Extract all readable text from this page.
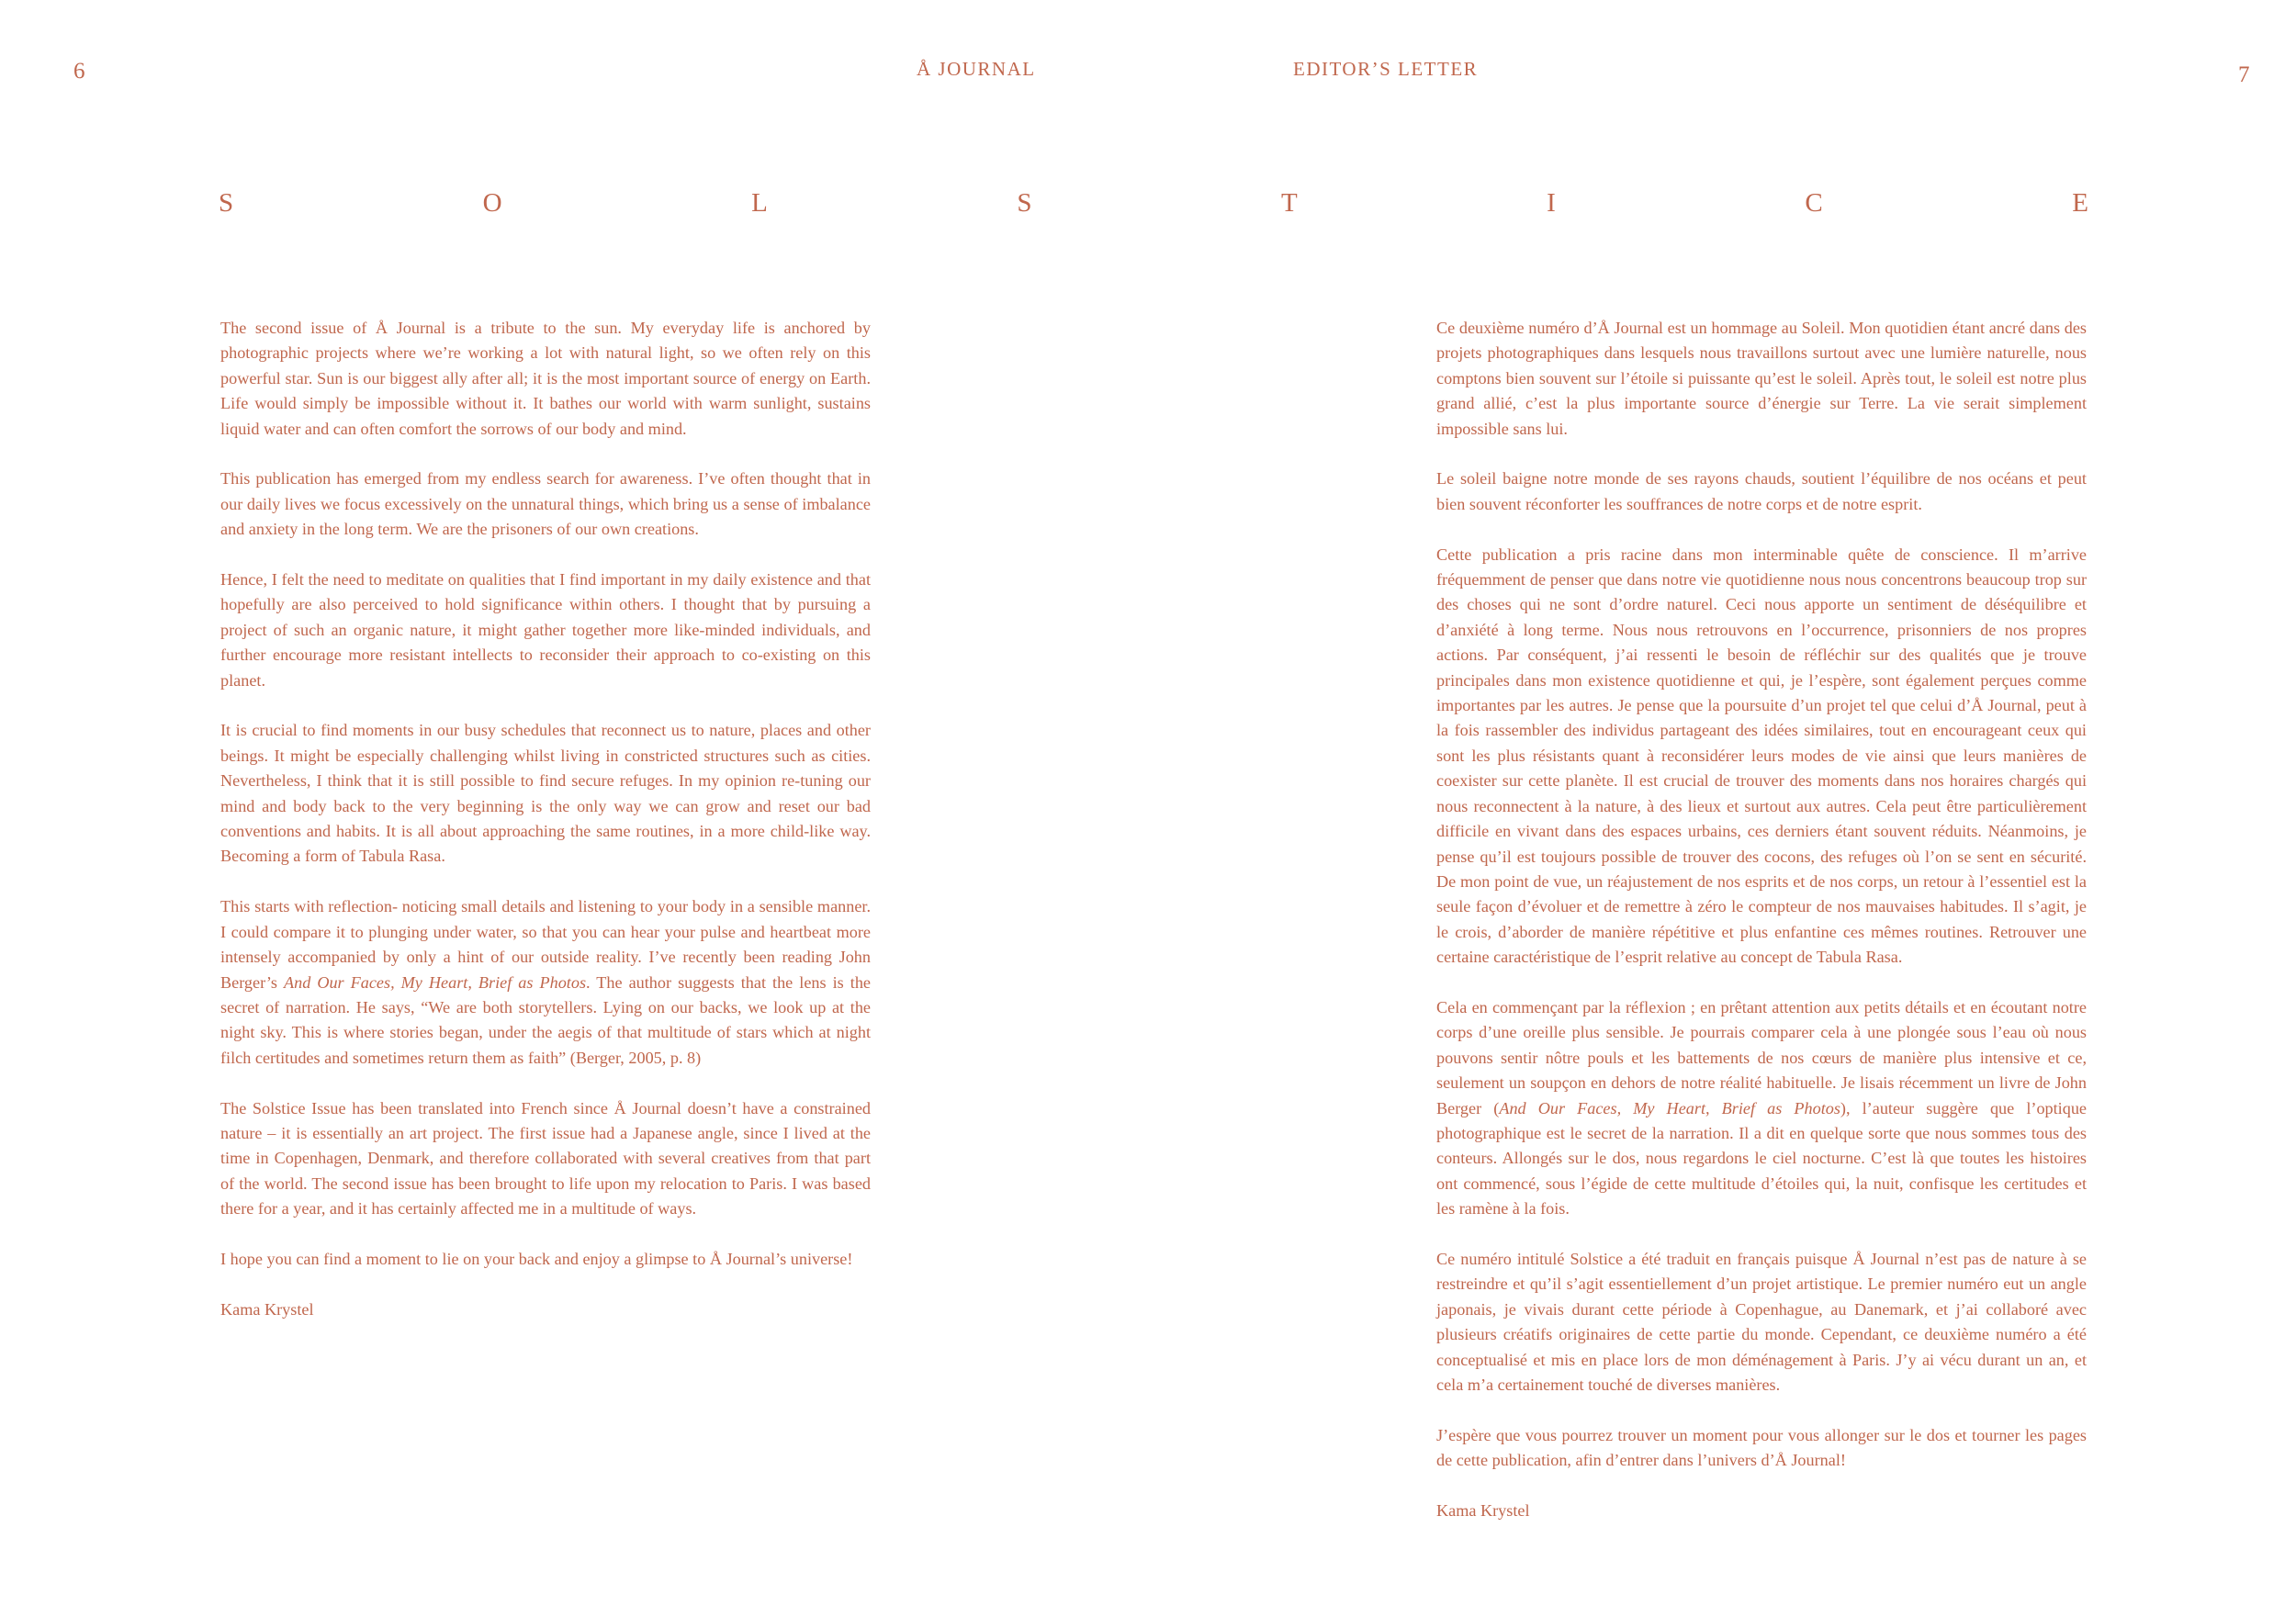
6	Å JOURNAL	EDITOR’S LETTER	7
S	O	L	S	T	I	C	E

The second issue of Å Journal is a tribute to the sun. My everyday life is anchored by photographic projects where we’re working a lot with natural light, so we often rely on this powerful star. Sun is our biggest ally after all; it is the most important source of energy on Earth. Life would simply be impossible without it. It bathes our world with warm sunlight, sustains liquid water and can often comfort the sorrows of our body and mind.

This publication has emerged from my endless search for awareness. I’ve often thought that in our daily lives we focus excessively on the unnatural things, which bring us a sense of imbalance and anxiety in the long term. We are the prisoners of our own creations.

Hence, I felt the need to meditate on qualities that I find important in my daily existence and that hopefully are also perceived to hold significance within others. I thought that by pursuing a project of such an organic nature, it might gather together more like-minded individuals, and further encourage more resistant intellects to reconsider their approach to co-existing on this planet.

It is crucial to find moments in our busy schedules that reconnect us to nature, places and other beings. It might be especially challenging whilst living in constricted structures such as cities. Nevertheless, I think that it is still possible to find secure refuges. In my opinion re-tuning our mind and body back to the very beginning is the only way we can grow and reset our bad conventions and habits. It is all about approaching the same routines, in a more child-like way. Becoming a form of Tabula Rasa.

This starts with reflection- noticing small details and listening to your body in a sensible manner. I could compare it to plunging under water, so that you can hear your pulse and heartbeat more intensely accompanied by only a hint of our outside reality. I’ve recently been reading John Berger’s And Our Faces, My Heart, Brief as Photos. The author suggests that the lens is the secret of narration. He says, “We are both storytellers. Lying on our backs, we look up at the night sky. This is where stories began, under the aegis of that multitude of stars which at night filch certitudes and sometimes return them as faith” (Berger, 2005, p. 8)

The Solstice Issue has been translated into French since Å Journal doesn’t have a constrained nature – it is essentially an art project. The first issue had a Japanese angle, since I lived at the time in Copenhagen, Denmark, and therefore collaborated with several creatives from that part of the world. The second issue has been brought to life upon my relocation to Paris. I was based there for a year, and it has certainly affected me in a multitude of ways.

I hope you can find a moment to lie on your back and enjoy a glimpse to Å Journal’s universe!

Kama Krystel

Ce deuxième numéro dʼÅ Journal est un hommage au Soleil. Mon quotidien étant ancré dans des projets photographiques dans lesquels nous travaillons surtout avec une lumière naturelle, nous comptons bien souvent sur l’étoile si puissante qu’est le soleil. Après tout, le soleil est notre plus grand allié, c’est la plus importante source d’énergie sur Terre. La vie serait simplement impossible sans lui.

Le soleil baigne notre monde de ses rayons chauds, soutient l’équilibre de nos océans et peut bien souvent réconforter les souffrances de notre corps et de notre esprit.

Cette publication a pris racine dans mon interminable quête de conscience. Il m’arrive fréquemment de penser que dans notre vie quotidienne nous nous concentrons beaucoup trop sur des choses qui ne sont d’ordre naturel. Ceci nous apporte un sentiment de déséquilibre et d’anxiété à long terme. Nous nous retrouvons en l’occurrence, prisonniers de nos propres actions. Par conséquent, j’ai ressenti le besoin de réfléchir sur des qualités que je trouve principales dans mon existence quotidienne et qui, je l’espère, sont également perçues comme importantes par les autres. Je pense que la poursuite d’un projet tel que celui d’Å Journal, peut à la fois rassembler des individus partageant des idées similaires, tout en encourageant ceux qui sont les plus résistants quant à reconsidérer leurs modes de vie ainsi que leurs manières de coexister sur cette planète. Il est crucial de trouver des moments dans nos horaires chargés qui nous reconnectent à la nature, à des lieux et surtout aux autres. Cela peut être particulièrement difficile en vivant dans des espaces urbains, ces derniers étant souvent réduits. Néanmoins, je pense qu’il est toujours possible de trouver des cocons, des refuges où l’on se sent en sécurité. De mon point de vue, un réajustement de nos esprits et de nos corps, un retour à l’essentiel est la seule façon d’évoluer et de remettre à zéro le compteur de nos mauvaises habitudes. Il s’agit, je le crois, d’aborder de manière répétitive et plus enfantine ces mêmes routines. Retrouver une certaine caractéristique de l’esprit relative au concept de Tabula Rasa.

Cela en commençant par la réflexion ; en prêtant attention aux petits détails et en écoutant notre corps d’une oreille plus sensible. Je pourrais comparer cela à une plongée sous l’eau où nous pouvons sentir nôtre pouls et les battements de nos cœurs de manière plus intensive et ce, seulement un soupçon en dehors de notre réalité habituelle. Je lisais récemment un livre de John Berger (And Our Faces, My Heart, Brief as Photos), l’auteur suggère que l’optique photographique est le secret de la narration. Il a dit en quelque sorte que nous sommes tous des conteurs. Allongés sur le dos, nous regardons le ciel nocturne. C’est là que toutes les histoires ont commencé, sous l’égide de cette multitude d’étoiles qui, la nuit, confisque les certitudes et les ramène à la fois.

Ce numéro intitulé Solstice a été traduit en français puisque Å Journal n’est pas de nature à se restreindre et qu’il s’agit essentiellement d’un projet artistique. Le premier numéro eut un angle japonais, je vivais durant cette période à Copenhague, au Danemark, et j’ai collaboré avec plusieurs créatifs originaires de cette partie du monde. Cependant, ce deuxième numéro a été conceptualisé et mis en place lors de mon déménagement à Paris. J’y ai vécu durant un an, et cela m’a certainement touché de diverses manières.

J’espère que vous pourrez trouver un moment pour vous allonger sur le dos et tourner les pages de cette publication, afin d’entrer dans l’univers d’Å Journal!

Kama Krystel
